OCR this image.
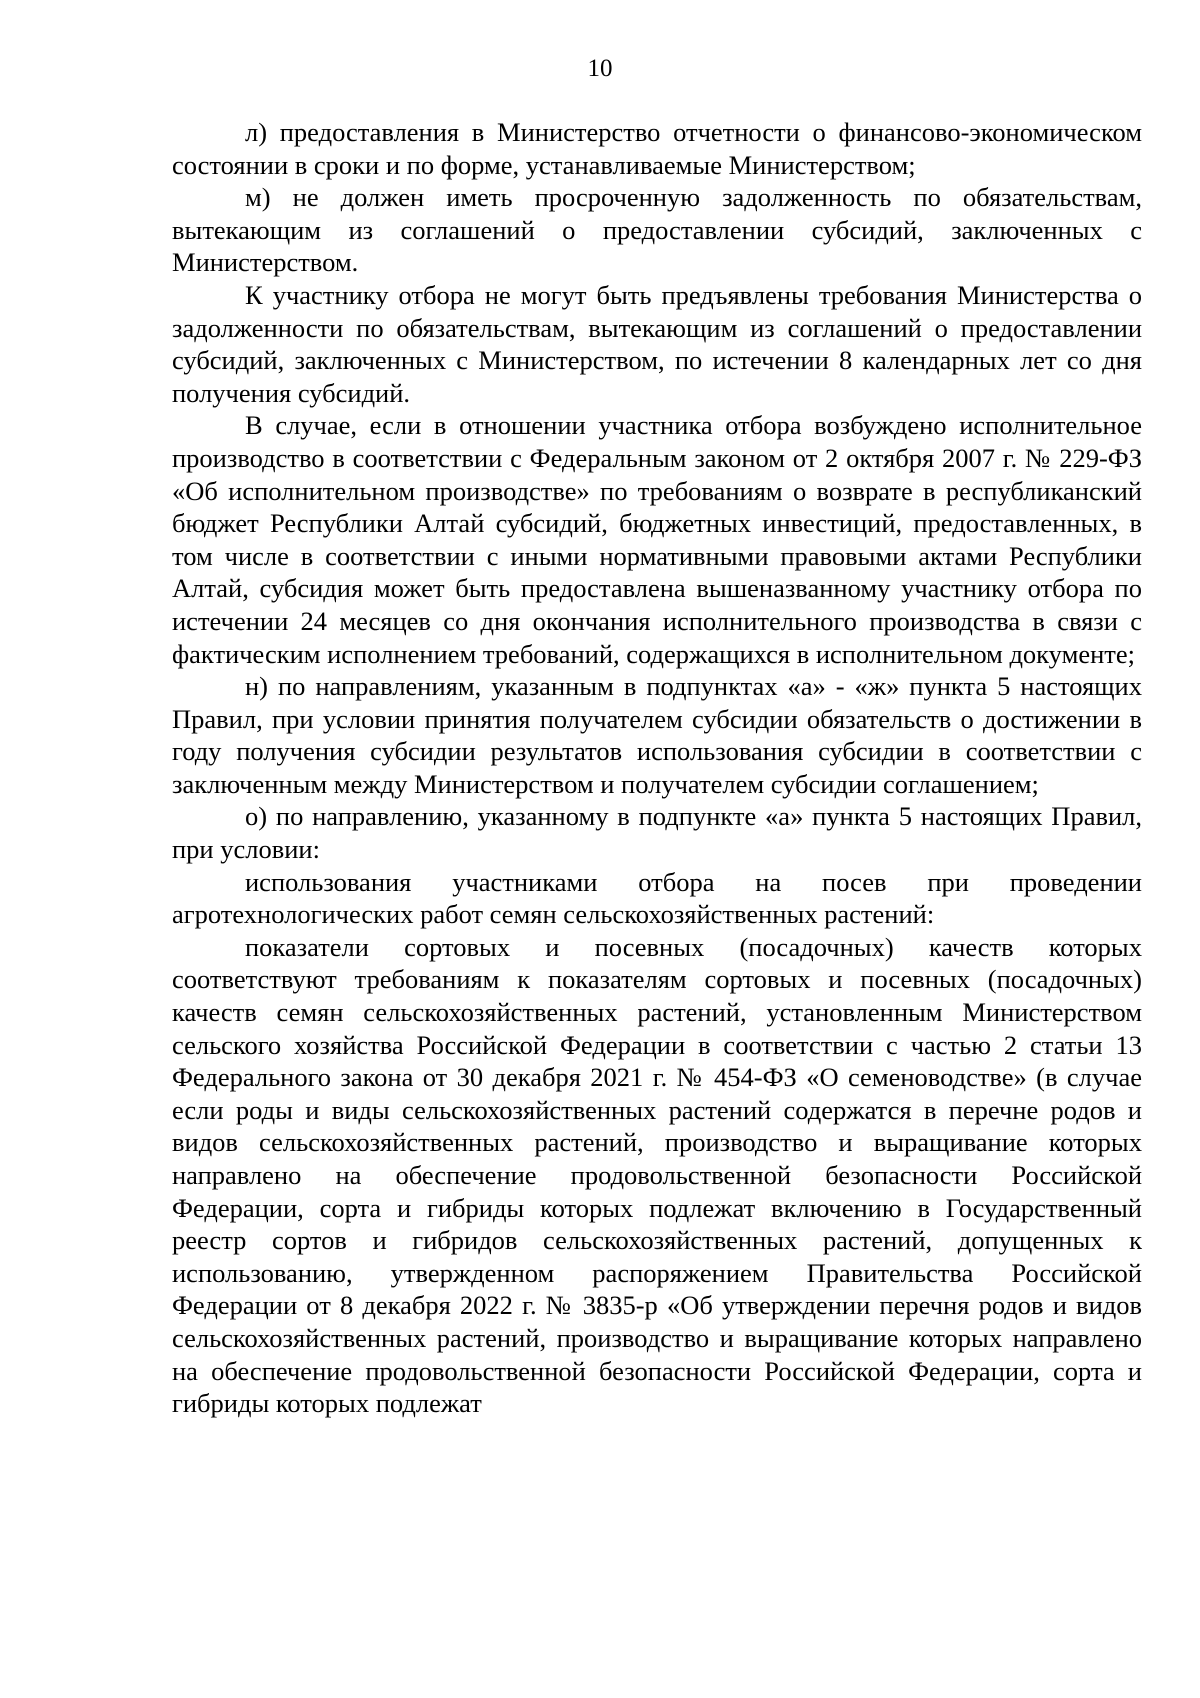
10

л) предоставления в Министерство отчетности о финансово-экономическом состоянии в сроки и по форме, устанавливаемые Министерством;

м) не должен иметь просроченную задолженность по обязательствам, вытекающим из соглашений о предоставлении субсидий, заключенных с Министерством.

К участнику отбора не могут быть предъявлены требования Министерства о задолженности по обязательствам, вытекающим из соглашений о предоставлении субсидий, заключенных с Министерством, по истечении 8 календарных лет со дня получения субсидий.

В случае, если в отношении участника отбора возбуждено исполнительное производство в соответствии с Федеральным законом от 2 октября 2007 г. № 229-ФЗ «Об исполнительном производстве» по требованиям о возврате в республиканский бюджет Республики Алтай субсидий, бюджетных инвестиций, предоставленных, в том числе в соответствии с иными нормативными правовыми актами Республики Алтай, субсидия может быть предоставлена вышеназванному участнику отбора по истечении 24 месяцев со дня окончания исполнительного производства в связи с фактическим исполнением требований, содержащихся в исполнительном документе;

н) по направлениям, указанным в подпунктах «а» - «ж» пункта 5 настоящих Правил, при условии принятия получателем субсидии обязательств о достижении в году получения субсидии результатов использования субсидии в соответствии с заключенным между Министерством и получателем субсидии соглашением;

о) по направлению, указанному в подпункте «а» пункта 5 настоящих Правил, при условии:

использования участниками отбора на посев при проведении агротехнологических работ семян сельскохозяйственных растений:

показатели сортовых и посевных (посадочных) качеств которых соответствуют требованиям к показателям сортовых и посевных (посадочных) качеств семян сельскохозяйственных растений, установленным Министерством сельского хозяйства Российской Федерации в соответствии с частью 2 статьи 13 Федерального закона от 30 декабря 2021 г. № 454-ФЗ «О семеноводстве» (в случае если роды и виды сельскохозяйственных растений содержатся в перечне родов и видов сельскохозяйственных растений, производство и выращивание которых направлено на обеспечение продовольственной безопасности Российской Федерации, сорта и гибриды которых подлежат включению в Государственный реестр сортов и гибридов сельскохозяйственных растений, допущенных к использованию, утвержденном распоряжением Правительства Российской Федерации от 8 декабря 2022 г. № 3835-р «Об утверждении перечня родов и видов сельскохозяйственных растений, производство и выращивание которых направлено на обеспечение продовольственной безопасности Российской Федерации, сорта и гибриды которых подлежат
